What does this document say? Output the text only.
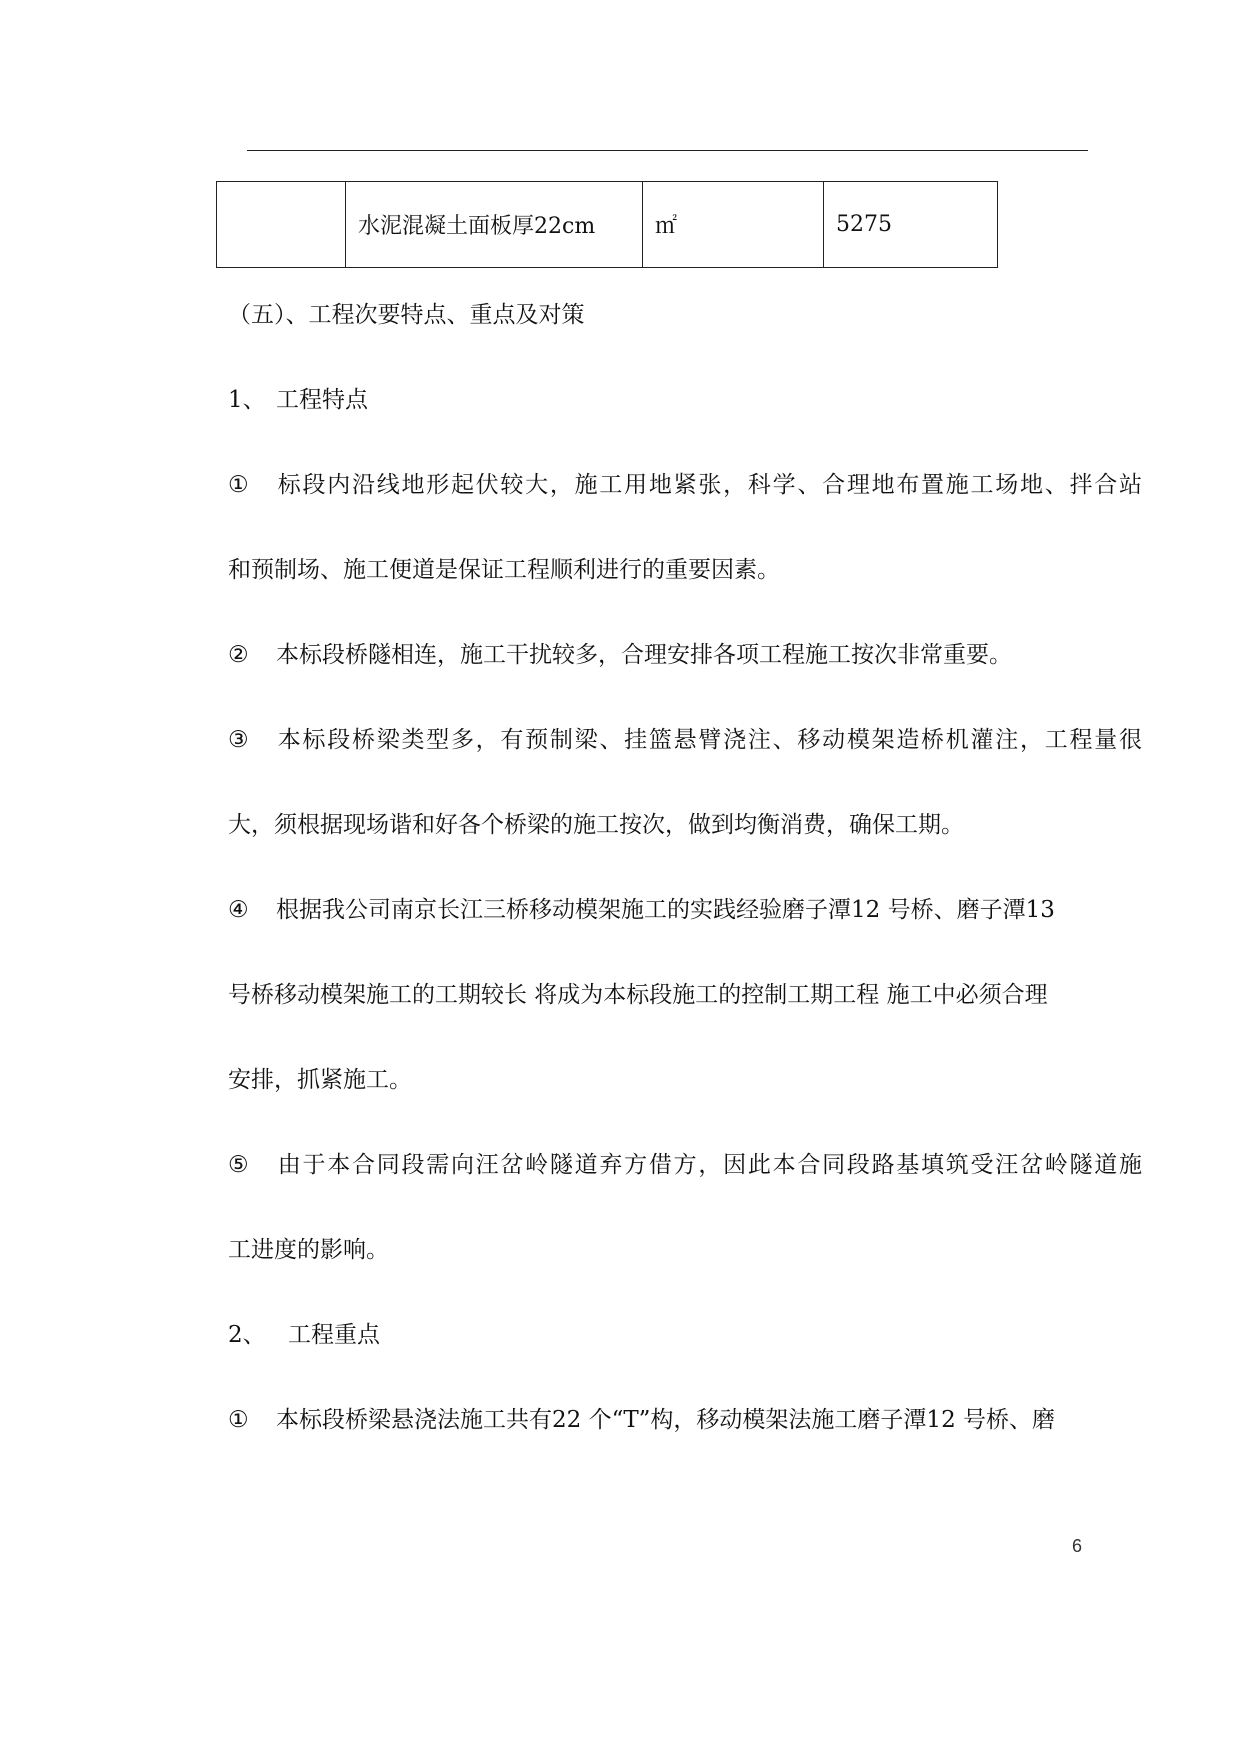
	水泥混凝土面板厚22cm	㎡	5275
（五）、工程次要特点、重点及对策
1、 工程特点
① 标段内沿线地形起伏较大，施工用地紧张，科学、合理地布置施工场地、拌合站
和预制场、施工便道是保证工程顺利进行的重要因素。
② 本标段桥隧相连，施工干扰较多，合理安排各项工程施工按次非常重要。
③ 本标段桥梁类型多，有预制梁、挂篮悬臂浇注、移动模架造桥机灌注，工程量很
大，须根据现场谐和好各个桥梁的施工按次，做到均衡消费，确保工期。
④ 根据我公司南京长江三桥移动模架施工的实践经验磨子潭12 号桥、磨子潭13
号桥移动模架施工的工期较长 将成为本标段施工的控制工期工程 施工中必须合理
安排，抓紧施工。
⑤ 由于本合同段需向汪岔岭隧道弃方借方，因此本合同段路基填筑受汪岔岭隧道施
工进度的影响。
2、 工程重点
① 本标段桥梁悬浇法施工共有22 个“T”构，移动模架法施工磨子潭12 号桥、磨
6
